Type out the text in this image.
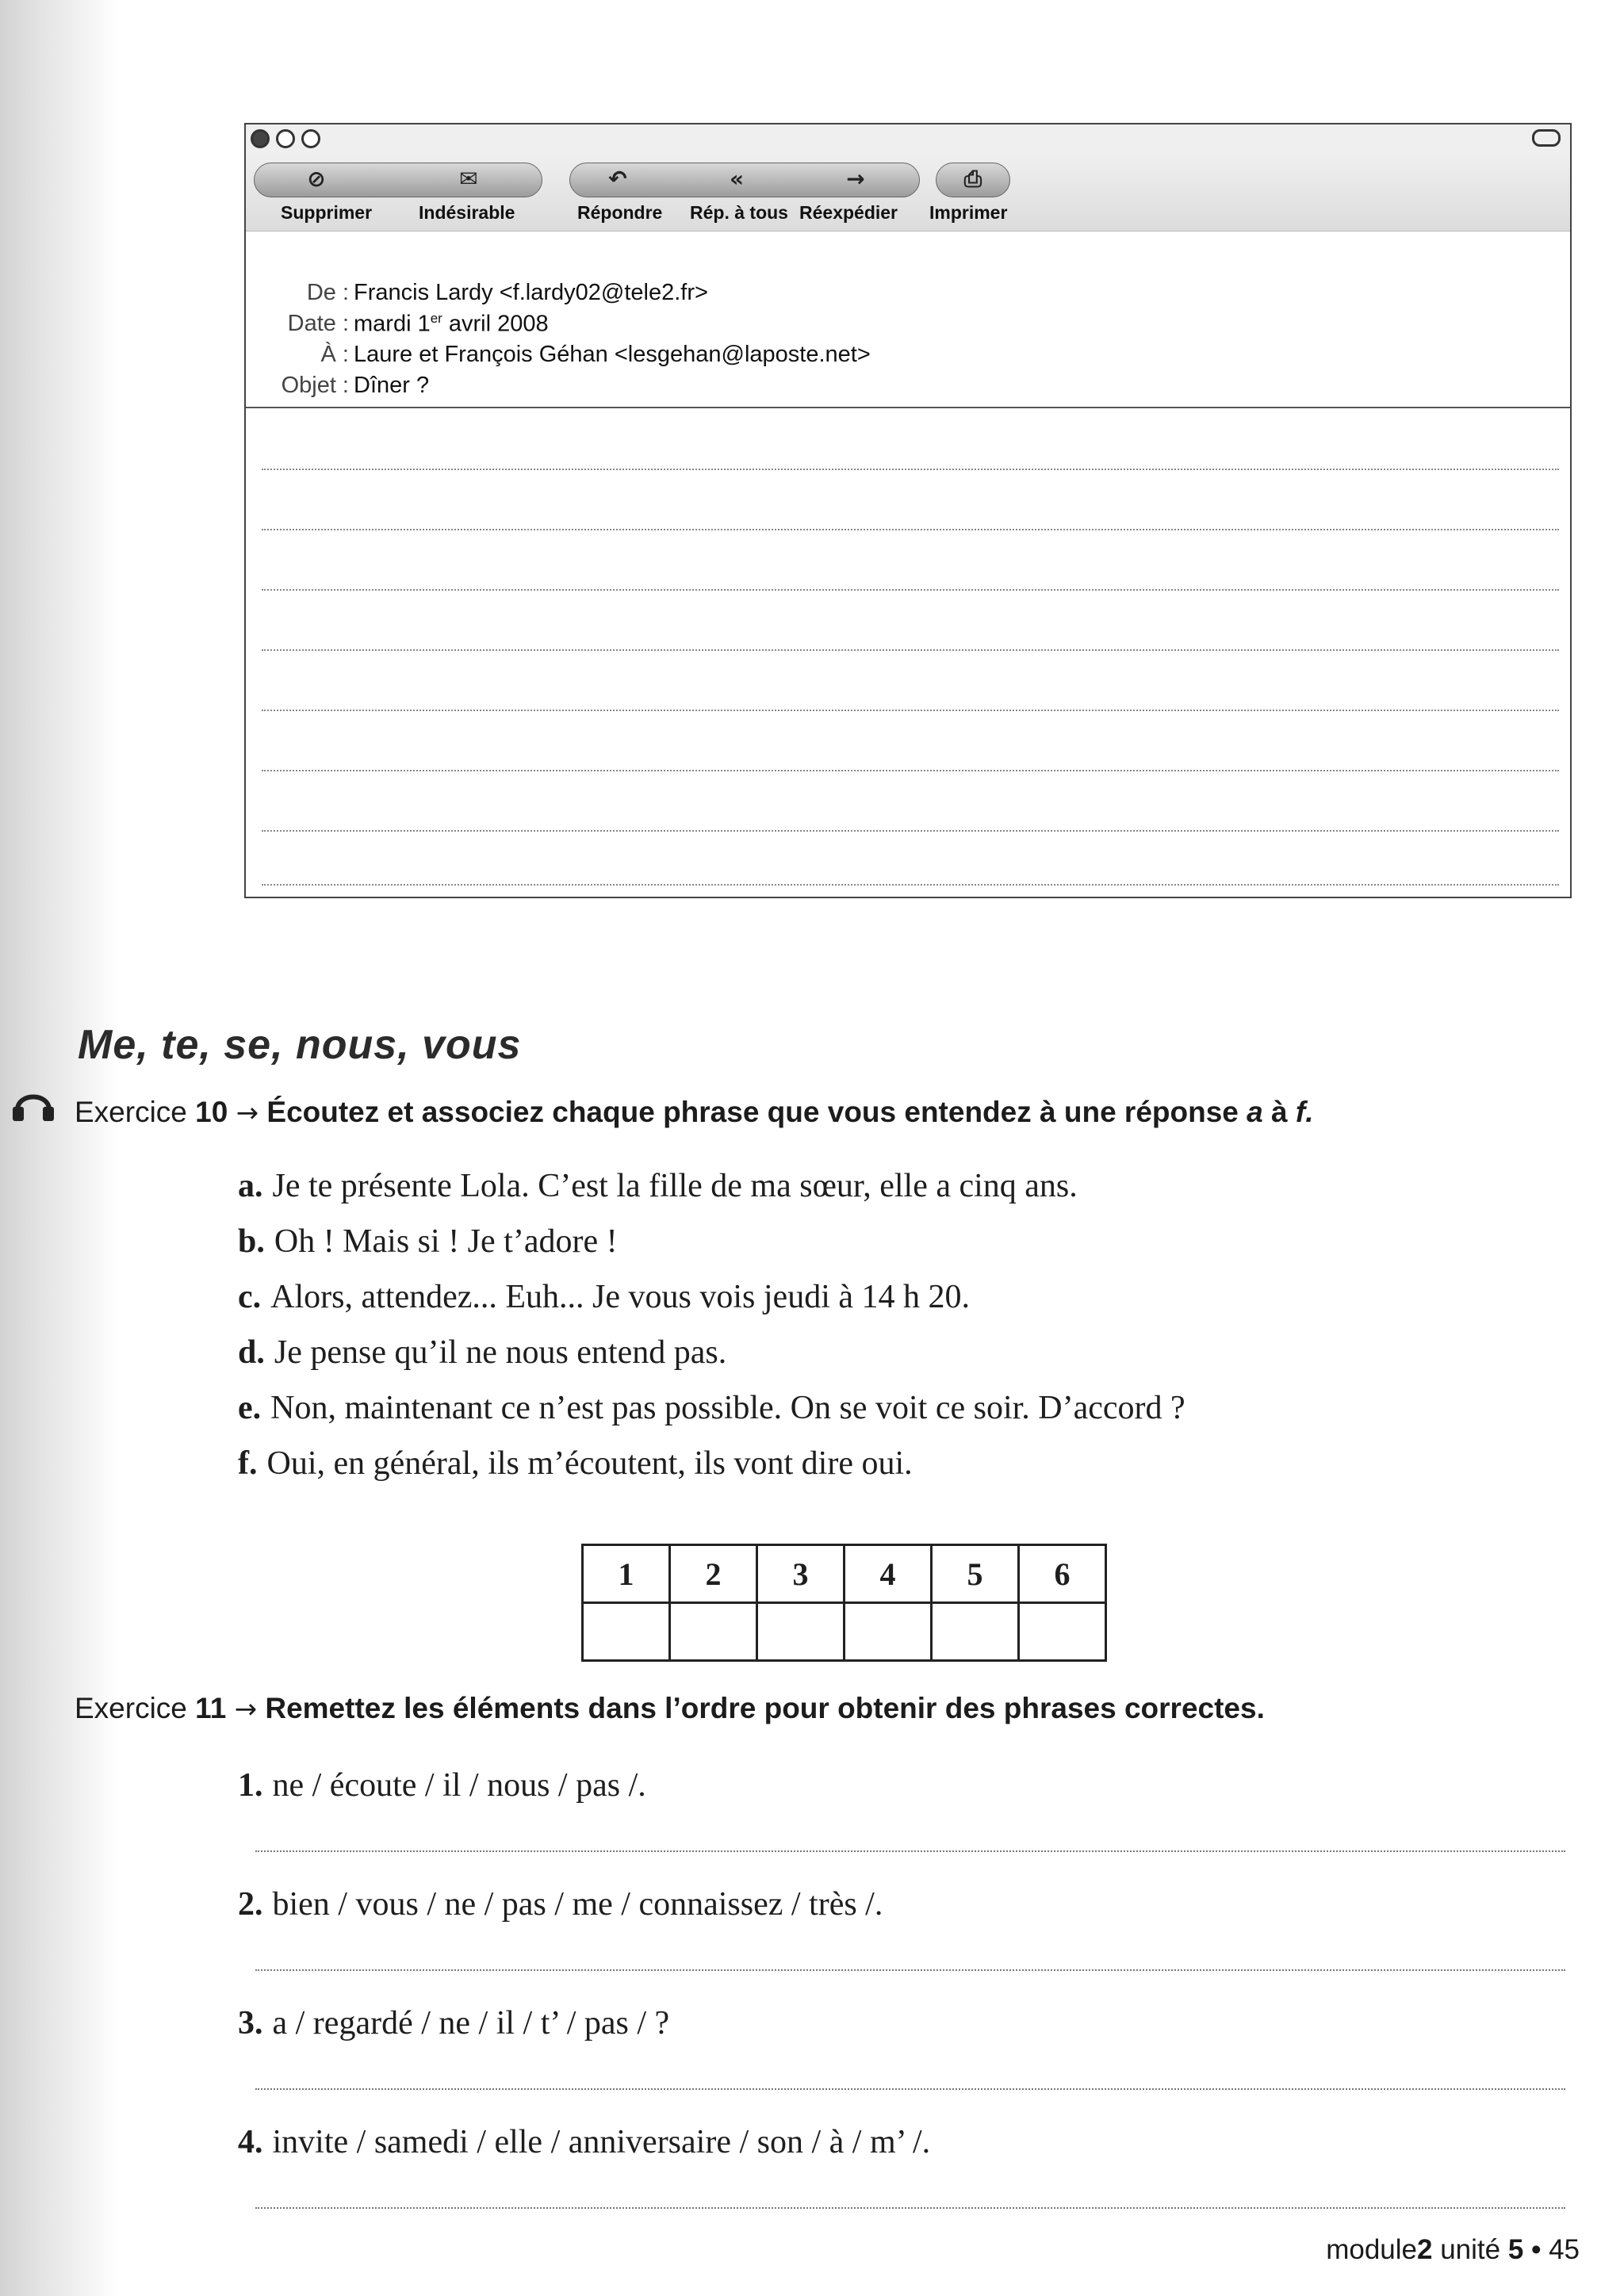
⊘	✉	↶	«	→	⎙
Supprimer	Indésirable	Répondre Rép. à tous Réexpédier Imprimer
De : Francis Lardy <f.lardy02@tele2.fr>
Date : mardi 1er avril 2008
À : Laure et François Géhan <lesgehan@laposte.net>
Objet : Dîner ?
Me, te, se, nous, vous
Exercice 10 → Écoutez et associez chaque phrase que vous entendez à une réponse a à f.
a. Je te présente Lola. C’est la fille de ma sœur, elle a cinq ans.
b. Oh ! Mais si ! Je t’adore !
c. Alors, attendez... Euh... Je vous vois jeudi à 14 h 20.
d. Je pense qu’il ne nous entend pas.
e. Non, maintenant ce n’est pas possible. On se voit ce soir. D’accord ?
f. Oui, en général, ils m’écoutent, ils vont dire oui.
1	2	3	4	5	6

Exercice 11 → Remettez les éléments dans l’ordre pour obtenir des phrases correctes.
1. ne / écoute / il / nous / pas /.
2. bien / vous / ne / pas / me / connaissez / très /.
3. a / regardé / ne / il / t’ / pas / ?
4. invite / samedi / elle / anniversaire / son / à / m’ /.
module2 unité 5 • 45
